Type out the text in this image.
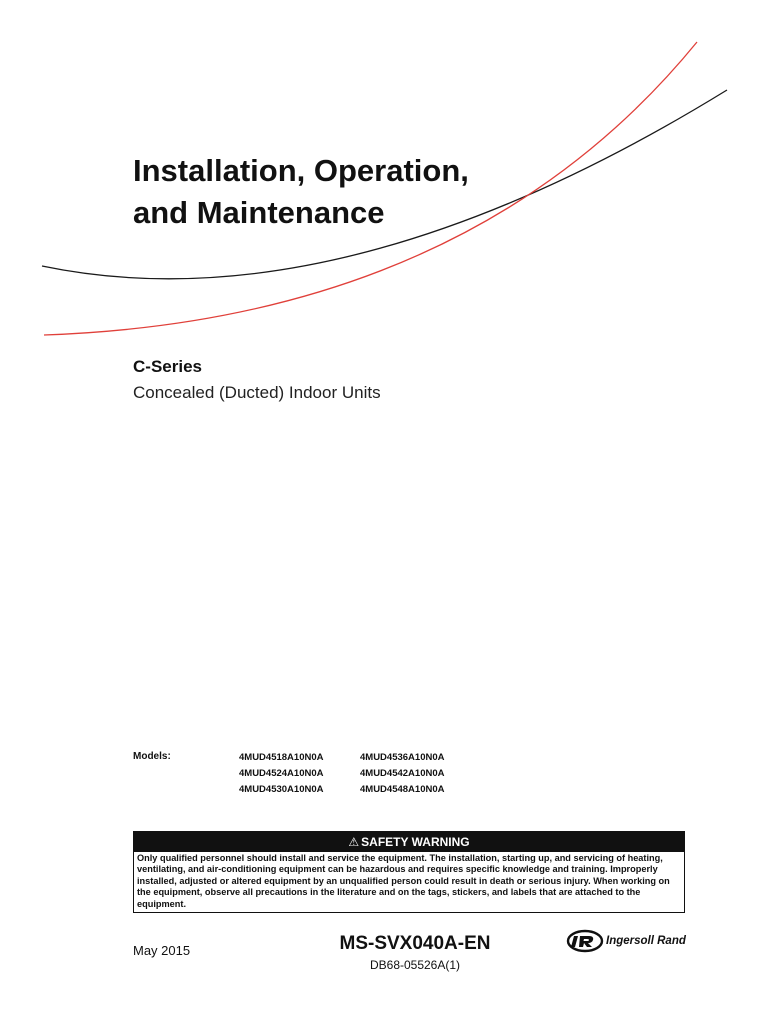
Installation, Operation,
and Maintenance
C-Series
Concealed (Ducted) Indoor Units
Models:	4MUD4518A10N0A	4MUD4536A10N0A
4MUD4524A10N0A	4MUD4542A10N0A
4MUD4530A10N0A	4MUD4548A10N0A
⚠ SAFETY WARNING
Only qualified personnel should install and service the equipment. The installation, starting up, and servicing of heating, ventilating, and air-conditioning equipment can be hazardous and requires specific knowledge and training. Improperly installed, adjusted or altered equipment by an unqualified person could result in death or serious injury. When working on the equipment, observe all precautions in the literature and on the tags, stickers, and labels that are attached to the equipment.
May 2015	MS-SVX040A-EN
DB68-05526A(1)
Ingersoll Rand
